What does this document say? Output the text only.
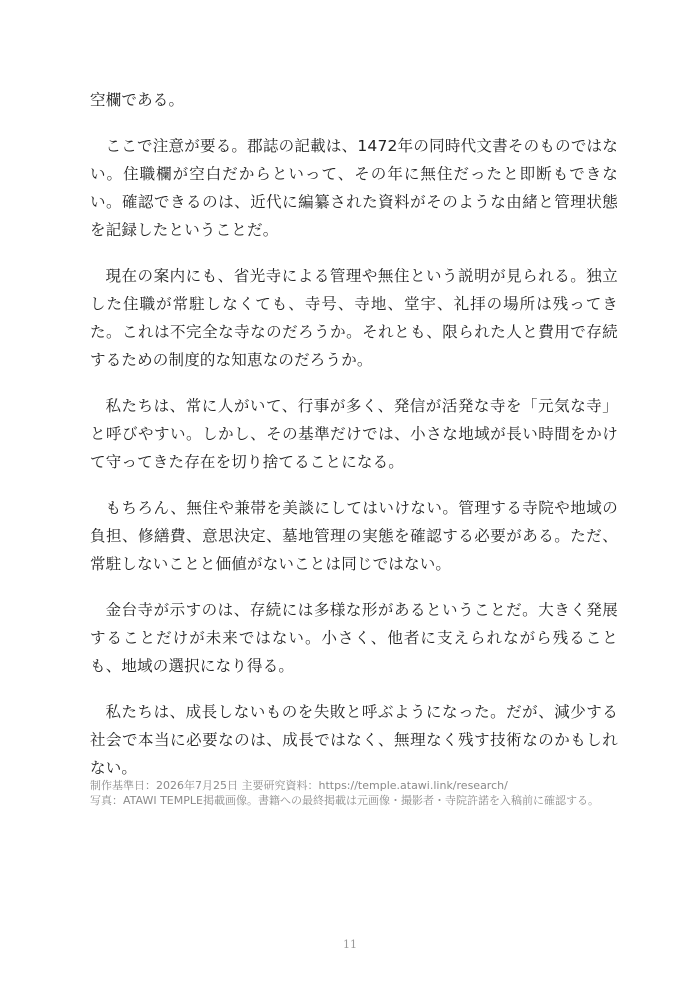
空欄である。

ここで注意が要る。郡誌の記載は、1472年の同時代文書そのものではない。住職欄が空白だからといって、その年に無住だったと即断もできない。確認できるのは、近代に編纂された資料がそのような由緒と管理状態を記録したということだ。

現在の案内にも、省光寺による管理や無住という説明が見られる。独立した住職が常駐しなくても、寺号、寺地、堂宇、礼拝の場所は残ってきた。これは不完全な寺なのだろうか。それとも、限られた人と費用で存続するための制度的な知恵なのだろうか。

私たちは、常に人がいて、行事が多く、発信が活発な寺を「元気な寺」と呼びやすい。しかし、その基準だけでは、小さな地域が長い時間をかけて守ってきた存在を切り捨てることになる。

もちろん、無住や兼帯を美談にしてはいけない。管理する寺院や地域の負担、修繕費、意思決定、墓地管理の実態を確認する必要がある。ただ、常駐しないことと価値がないことは同じではない。

金台寺が示すのは、存続には多様な形があるということだ。大きく発展することだけが未来ではない。小さく、他者に支えられながら残ることも、地域の選択になり得る。

私たちは、成長しないものを失敗と呼ぶようになった。だが、減少する社会で本当に必要なのは、成長ではなく、無理なく残す技術なのかもしれない。

制作基準日：2026年7月25日 主要研究資料：https://temple.atawi.link/research/
写真：ATAWI TEMPLE掲載画像。書籍への最終掲載は元画像・撮影者・寺院許諾を入稿前に確認する。
11
